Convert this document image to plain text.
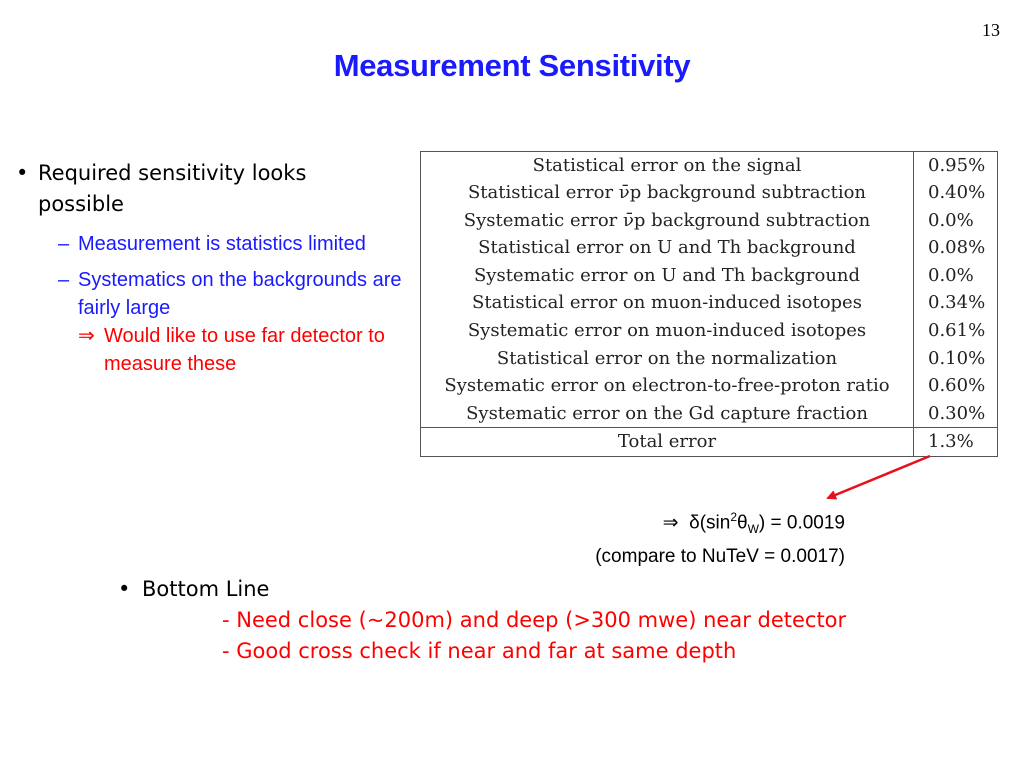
13
Measurement Sensitivity
• Required sensitivity looks possible
– Measurement is statistics limited
– Systematics on the backgrounds are fairly large
⇒ Would like to use far detector to measure these
Statistical error on the signal	0.95%
Statistical error ν̄p background subtraction	0.40%
Systematic error ν̄p background subtraction	0.0%
Statistical error on U and Th background	0.08%
Systematic error on U and Th background	0.0%
Statistical error on muon-induced isotopes	0.34%
Systematic error on muon-induced isotopes	0.61%
Statistical error on the normalization	0.10%
Systematic error on electron-to-free-proton ratio	0.60%
Systematic error on the Gd capture fraction	0.30%
Total error	1.3%
⇒ $\delta(\sin^2\theta_W) = 0.0019$
(compare to NuTeV = 0.0017)
• Bottom Line
- Need close (~200m) and deep (>300 mwe) near detector
- Good cross check if near and far at same depth
